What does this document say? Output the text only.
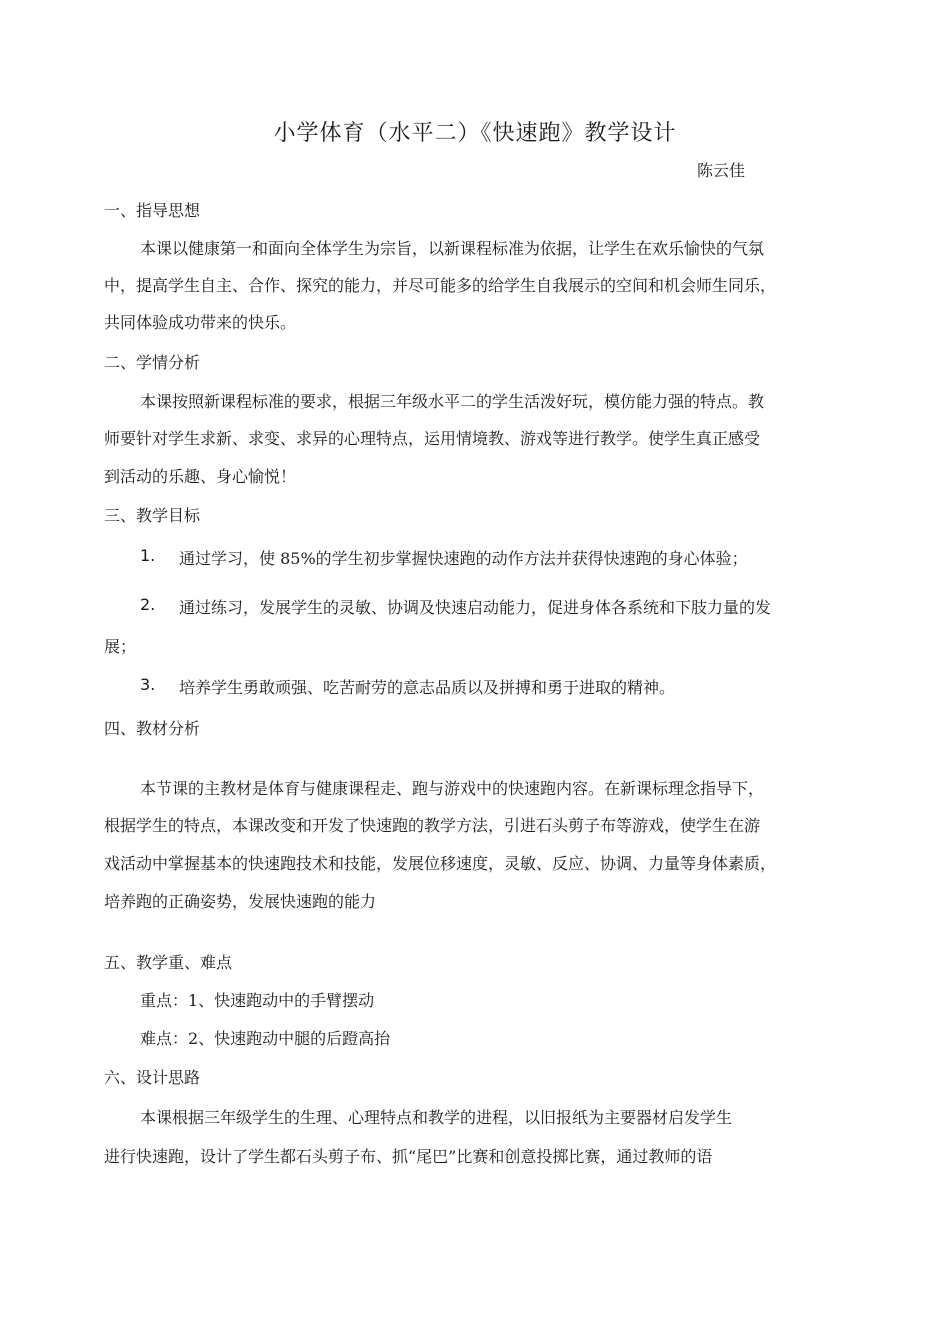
小学体育（水平二）《快速跑》教学设计
陈云佳
一、指导思想
本课以健康第一和面向全体学生为宗旨，以新课程标准为依据，让学生在欢乐愉快的气氛
中，提高学生自主、合作、探究的能力，并尽可能多的给学生自我展示的空间和机会师生同乐，
共同体验成功带来的快乐。
二、学情分析
本课按照新课程标准的要求，根据三年级水平二的学生活泼好玩，模仿能力强的特点。教
师要针对学生求新、求变、求异的心理特点，运用情境教、游戏等进行教学。使学生真正感受
到活动的乐趣、身心愉悦！
三、教学目标
1. 通过学习，使 85%的学生初步掌握快速跑的动作方法并获得快速跑的身心体验；
2. 通过练习，发展学生的灵敏、协调及快速启动能力，促进身体各系统和下肢力量的发
展；
3. 培养学生勇敢顽强、吃苦耐劳的意志品质以及拼搏和勇于进取的精神。
四、教材分析
本节课的主教材是体育与健康课程走、跑与游戏中的快速跑内容。在新课标理念指导下，
根据学生的特点，本课改变和开发了快速跑的教学方法，引进石头剪子布等游戏，使学生在游
戏活动中掌握基本的快速跑技术和技能，发展位移速度，灵敏、反应、协调、力量等身体素质，
培养跑的正确姿势，发展快速跑的能力
五、教学重、难点
重点：1、快速跑动中的手臂摆动
难点：2、快速跑动中腿的后蹬高抬
六、设计思路
本课根据三年级学生的生理、心理特点和教学的进程，以旧报纸为主要器材启发学生
进行快速跑，设计了学生都石头剪子布、抓“尾巴”比赛和创意投掷比赛，通过教师的语
